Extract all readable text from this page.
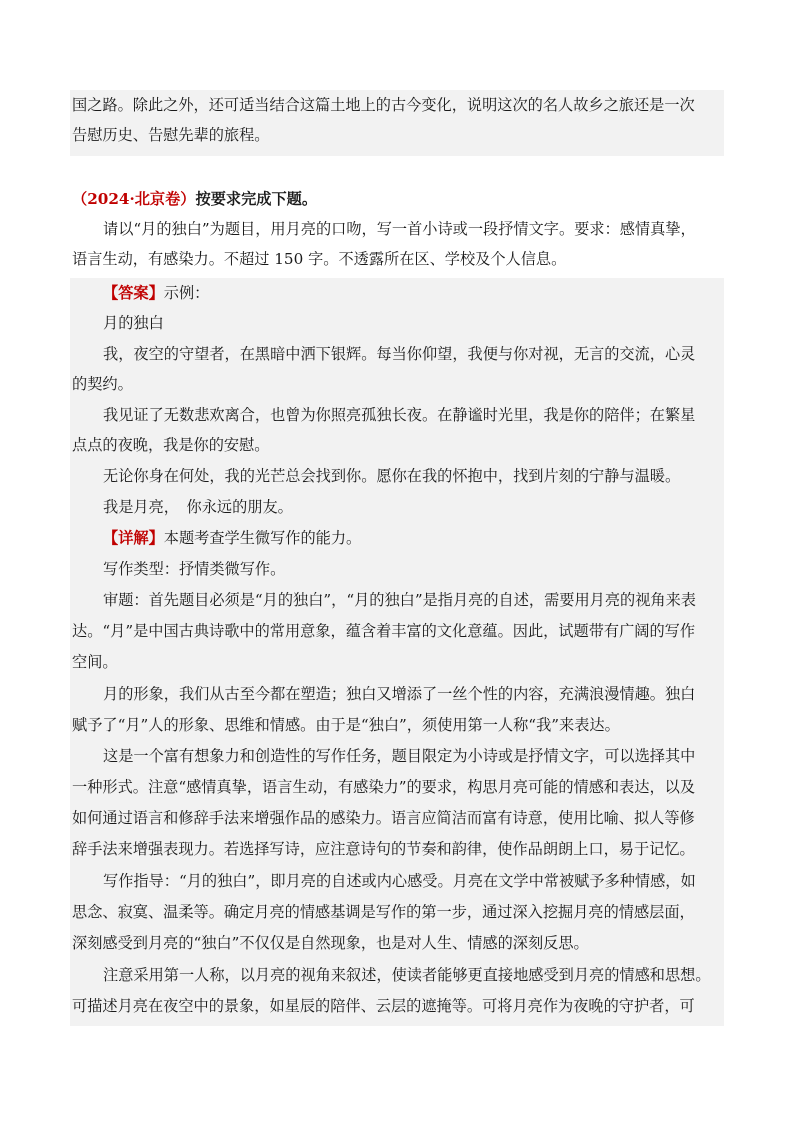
国之路。除此之外，还可适当结合这篇土地上的古今变化，说明这次的名人故乡之旅还是一次
告慰历史、告慰先辈的旅程。
（2024·北京卷）按要求完成下题。
请以“月的独白”为题目，用月亮的口吻，写一首小诗或一段抒情文字。要求：感情真挚，
语言生动，有感染力。不超过 150 字。不透露所在区、学校及个人信息。
【答案】示例：
月的独白
我，夜空的守望者，在黑暗中洒下银辉。每当你仰望，我便与你对视，无言的交流，心灵
的契约。
我见证了无数悲欢离合，也曾为你照亮孤独长夜。在静谧时光里，我是你的陪伴；在繁星
点点的夜晚，我是你的安慰。
无论你身在何处，我的光芒总会找到你。愿你在我的怀抱中，找到片刻的宁静与温暖。
我是月亮，　你永远的朋友。
【详解】本题考查学生微写作的能力。
写作类型：抒情类微写作。
审题：首先题目必须是“月的独白”，“月的独白”是指月亮的自述，需要用月亮的视角来表
达。“月”是中国古典诗歌中的常用意象，蕴含着丰富的文化意蕴。因此，试题带有广阔的写作
空间。
月的形象，我们从古至今都在塑造；独白又增添了一丝个性的内容，充满浪漫情趣。独白
赋予了“月”人的形象、思维和情感。由于是“独白”，须使用第一人称“我”来表达。
这是一个富有想象力和创造性的写作任务，题目限定为小诗或是抒情文字，可以选择其中
一种形式。注意“感情真挚，语言生动，有感染力”的要求，构思月亮可能的情感和表达，以及
如何通过语言和修辞手法来增强作品的感染力。语言应简洁而富有诗意，使用比喻、拟人等修
辞手法来增强表现力。若选择写诗，应注意诗句的节奏和韵律，使作品朗朗上口，易于记忆。
写作指导：“月的独白”，即月亮的自述或内心感受。月亮在文学中常被赋予多种情感，如
思念、寂寞、温柔等。确定月亮的情感基调是写作的第一步，通过深入挖掘月亮的情感层面，
深刻感受到月亮的“独白”不仅仅是自然现象，也是对人生、情感的深刻反思。
注意采用第一人称，以月亮的视角来叙述，使读者能够更直接地感受到月亮的情感和思想。
可描述月亮在夜空中的景象，如星辰的陪伴、云层的遮掩等。可将月亮作为夜晚的守护者，可
